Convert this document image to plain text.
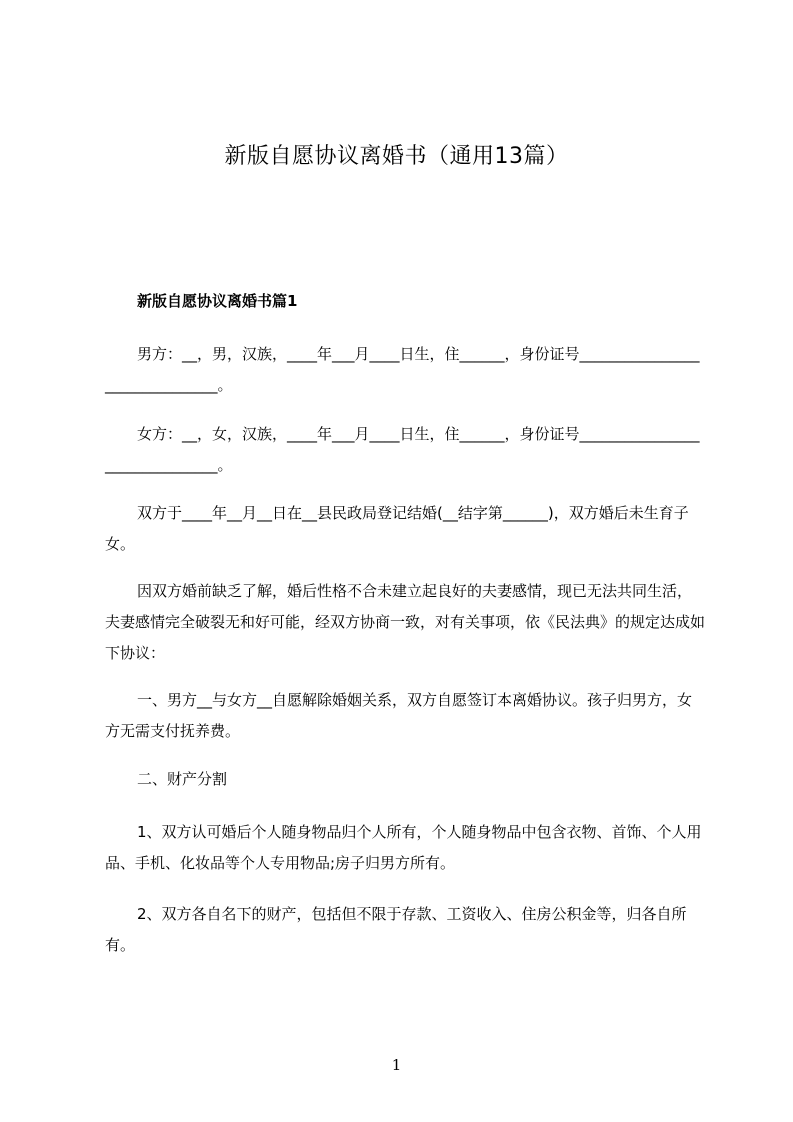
新版自愿协议离婚书（通用13篇）
新版自愿协议离婚书篇1
男方：__，男，汉族，____年___月____日生，住______，身份证号_______________________________。
女方：__，女，汉族，____年___月____日生，住______，身份证号_______________________________。
双方于____年__月__日在__县民政局登记结婚(__结字第______)，双方婚后未生育子女。
因双方婚前缺乏了解，婚后性格不合未建立起良好的夫妻感情，现已无法共同生活，夫妻感情完全破裂无和好可能，经双方协商一致，对有关事项，依《民法典》的规定达成如下协议：
一、男方__与女方__自愿解除婚姻关系，双方自愿签订本离婚协议。孩子归男方，女方无需支付抚养费。
二、财产分割
1、双方认可婚后个人随身物品归个人所有，个人随身物品中包含衣物、首饰、个人用品、手机、化妆品等个人专用物品;房子归男方所有。
2、双方各自名下的财产，包括但不限于存款、工资收入、住房公积金等，归各自所有。
1
